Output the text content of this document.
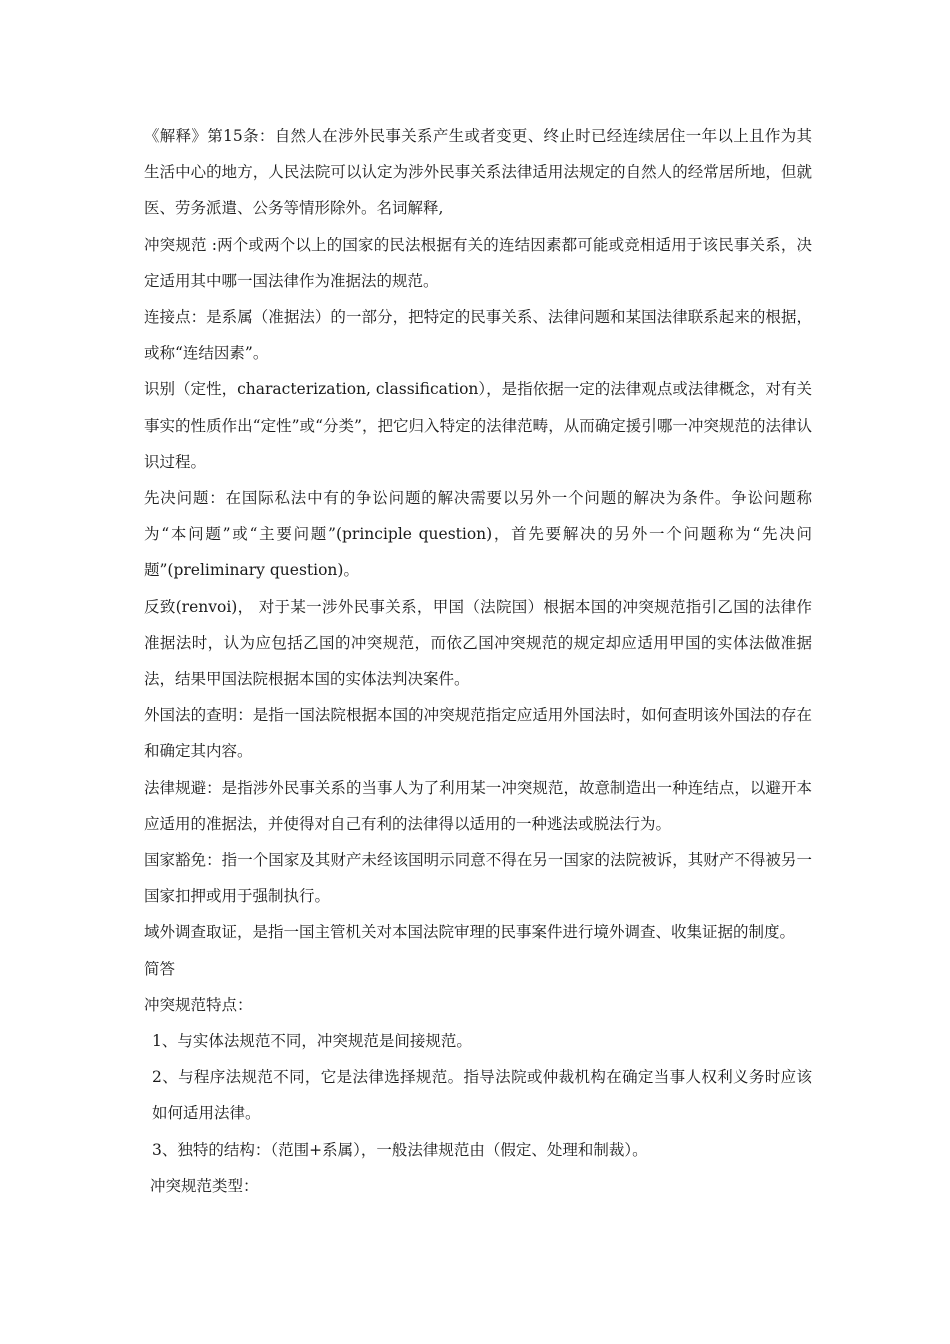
《解释》第15条：自然人在涉外民事关系产生或者变更、终止时已经连续居住一年以上且作为其生活中心的地方，人民法院可以认定为涉外民事关系法律适用法规定的自然人的经常居所地，但就医、劳务派遣、公务等情形除外。名词解释,

冲突规范 :两个或两个以上的国家的民法根据有关的连结因素都可能或竞相适用于该民事关系，决定适用其中哪一国法律作为准据法的规范。

连接点：是系属（准据法）的一部分，把特定的民事关系、法律问题和某国法律联系起来的根据，或称“连结因素”。

识别（定性，characterization, classification），是指依据一定的法律观点或法律概念，对有关事实的性质作出“定性”或“分类”，把它归入特定的法律范畴，从而确定援引哪一冲突规范的法律认识过程。

先决问题：在国际私法中有的争讼问题的解决需要以另外一个问题的解决为条件。争讼问题称为“本问题”或“主要问题”(principle question)，首先要解决的另外一个问题称为“先决问题”(preliminary question)。

反致(renvoi)， 对于某一涉外民事关系，甲国（法院国）根据本国的冲突规范指引乙国的法律作准据法时，认为应包括乙国的冲突规范，而依乙国冲突规范的规定却应适用甲国的实体法做准据法，结果甲国法院根据本国的实体法判决案件。

外国法的查明：是指一国法院根据本国的冲突规范指定应适用外国法时，如何查明该外国法的存在和确定其内容。

法律规避：是指涉外民事关系的当事人为了利用某一冲突规范，故意制造出一种连结点，以避开本应适用的准据法，并使得对自己有利的法律得以适用的一种逃法或脱法行为。

国家豁免：指一个国家及其财产未经该国明示同意不得在另一国家的法院被诉，其财产不得被另一国家扣押或用于强制执行。

域外调查取证，是指一国主管机关对本国法院审理的民事案件进行境外调查、收集证据的制度。

简答

冲突规范特点：

1、与实体法规范不同，冲突规范是间接规范。

2、与程序法规范不同，它是法律选择规范。指导法院或仲裁机构在确定当事人权利义务时应该如何适用法律。

3、独特的结构：（范围+系属），一般法律规范由（假定、处理和制裁）。

冲突规范类型：
